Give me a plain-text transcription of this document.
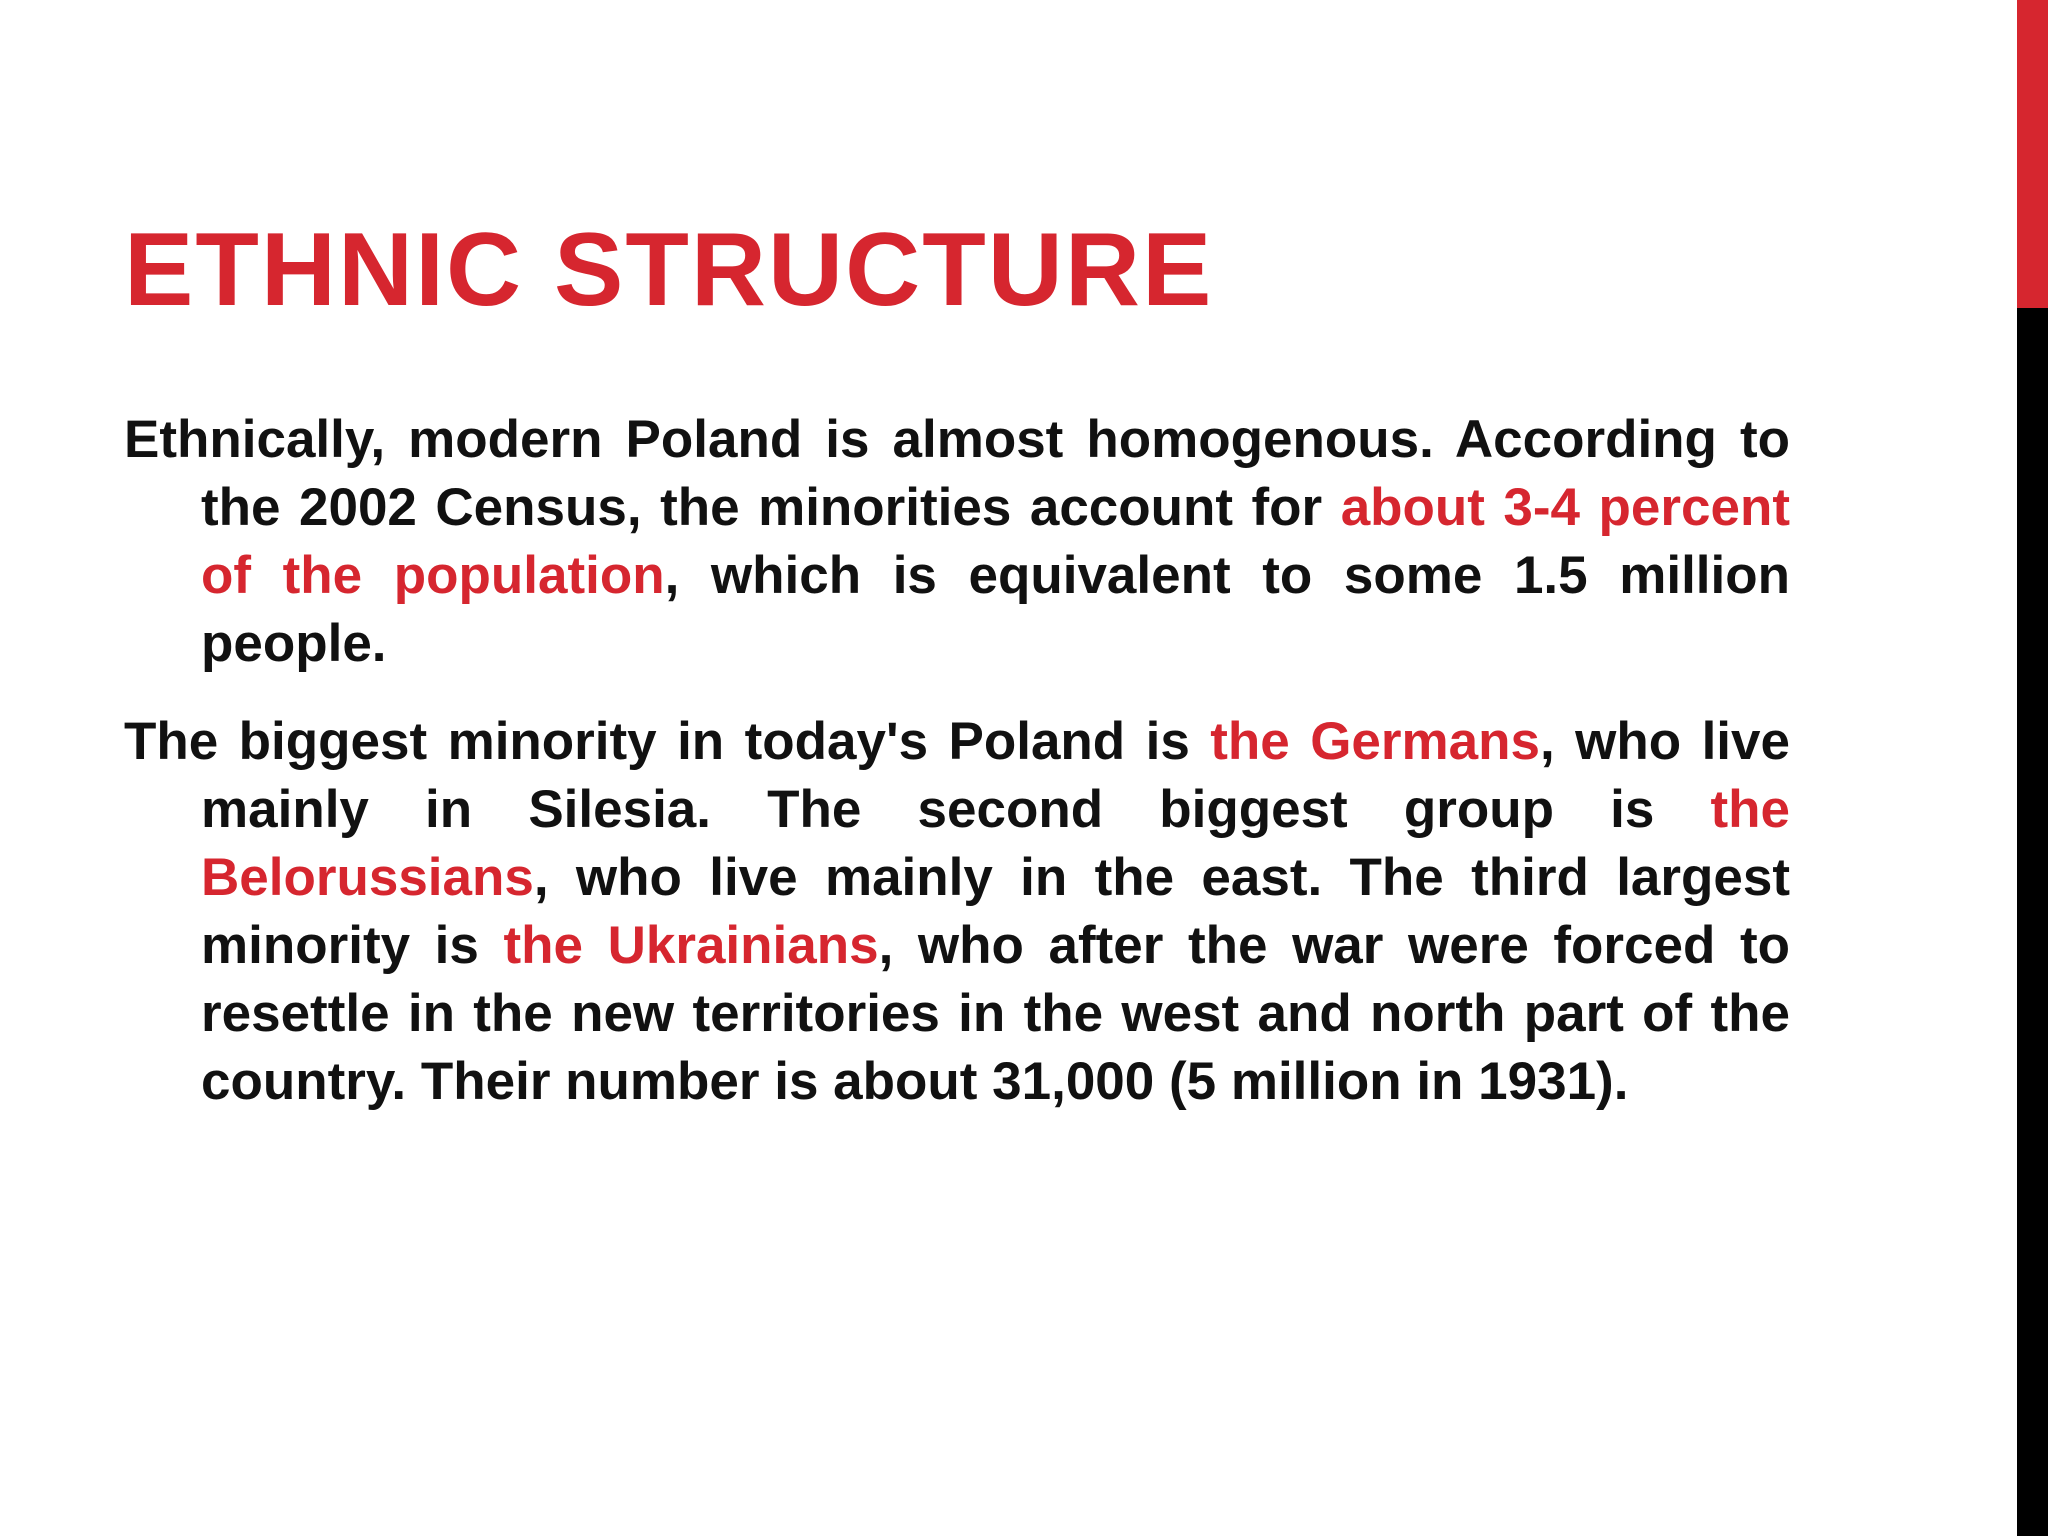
ETHNIC STRUCTURE

Ethnically, modern Poland is almost homogenous. According to the 2002 Census, the minorities account for about 3-4 percent of the population, which is equivalent to some 1.5 million people.

The biggest minority in today's Poland is the Germans, who live mainly in Silesia. The second biggest group is the Belorussians, who live mainly in the east. The third largest minority is the Ukrainians, who after the war were forced to resettle in the new territories in the west and north part of the country. Their number is about 31,000 (5 million in 1931).
